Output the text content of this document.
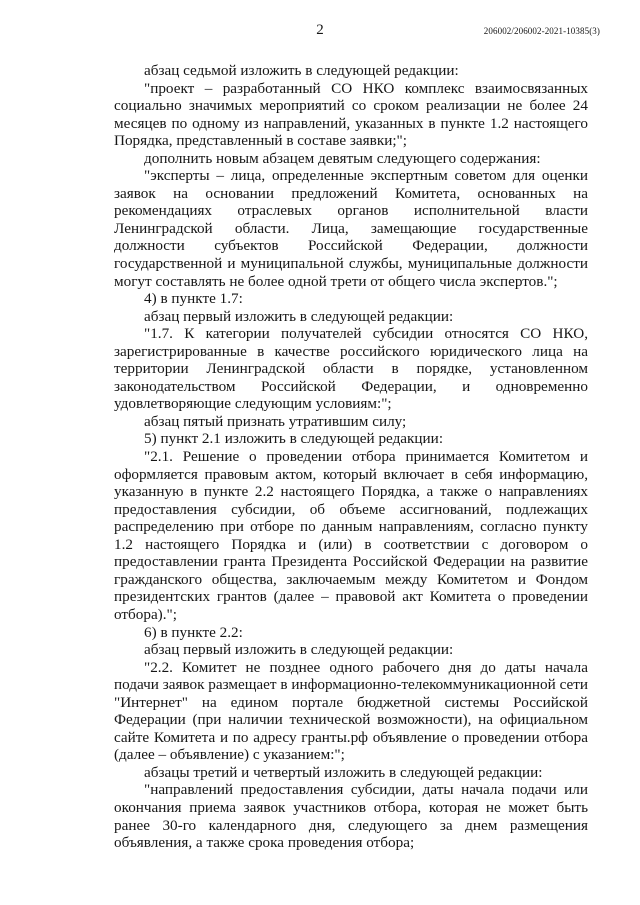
2	206002/206002-2021-10385(3)

абзац седьмой изложить в следующей редакции:

"проект – разработанный СО НКО комплекс взаимосвязанных социально значимых мероприятий со сроком реализации не более 24 месяцев по одному из направлений, указанных в пункте 1.2 настоящего Порядка, представленный в составе заявки;";

дополнить новым абзацем девятым следующего содержания:

"эксперты – лица, определенные экспертным советом для оценки заявок на основании предложений Комитета, основанных на рекомендациях отраслевых органов исполнительной власти Ленинградской области. Лица, замещающие государственные должности субъектов Российской Федерации, должности государственной и муниципальной службы, муниципальные должности могут составлять не более одной трети от общего числа экспертов.";

4) в пункте 1.7:

абзац первый изложить в следующей редакции:

"1.7. К категории получателей субсидии относятся СО НКО, зарегистрированные в качестве российского юридического лица на территории Ленинградской области в порядке, установленном законодательством Российской Федерации, и одновременно удовлетворяющие следующим условиям:";

абзац пятый признать утратившим силу;

5) пункт 2.1 изложить в следующей редакции:

"2.1. Решение о проведении отбора принимается Комитетом и оформляется правовым актом, который включает в себя информацию, указанную в пункте 2.2 настоящего Порядка, а также о направлениях предоставления субсидии, об объеме ассигнований, подлежащих распределению при отборе по данным направлениям, согласно пункту 1.2 настоящего Порядка и (или) в соответствии с договором о предоставлении гранта Президента Российской Федерации на развитие гражданского общества, заключаемым между Комитетом и Фондом президентских грантов (далее – правовой акт Комитета о проведении отбора).";

6) в пункте 2.2:

абзац первый изложить в следующей редакции:

"2.2. Комитет не позднее одного рабочего дня до даты начала подачи заявок размещает в информационно-телекоммуникационной сети "Интернет" на едином портале бюджетной системы Российской Федерации (при наличии технической возможности), на официальном сайте Комитета и по адресу гранты.рф объявление о проведении отбора (далее – объявление) с указанием:";

абзацы третий и четвертый изложить в следующей редакции:

"направлений предоставления субсидии, даты начала подачи или окончания приема заявок участников отбора, которая не может быть ранее 30-го календарного дня, следующего за днем размещения объявления, а также срока проведения отбора;
